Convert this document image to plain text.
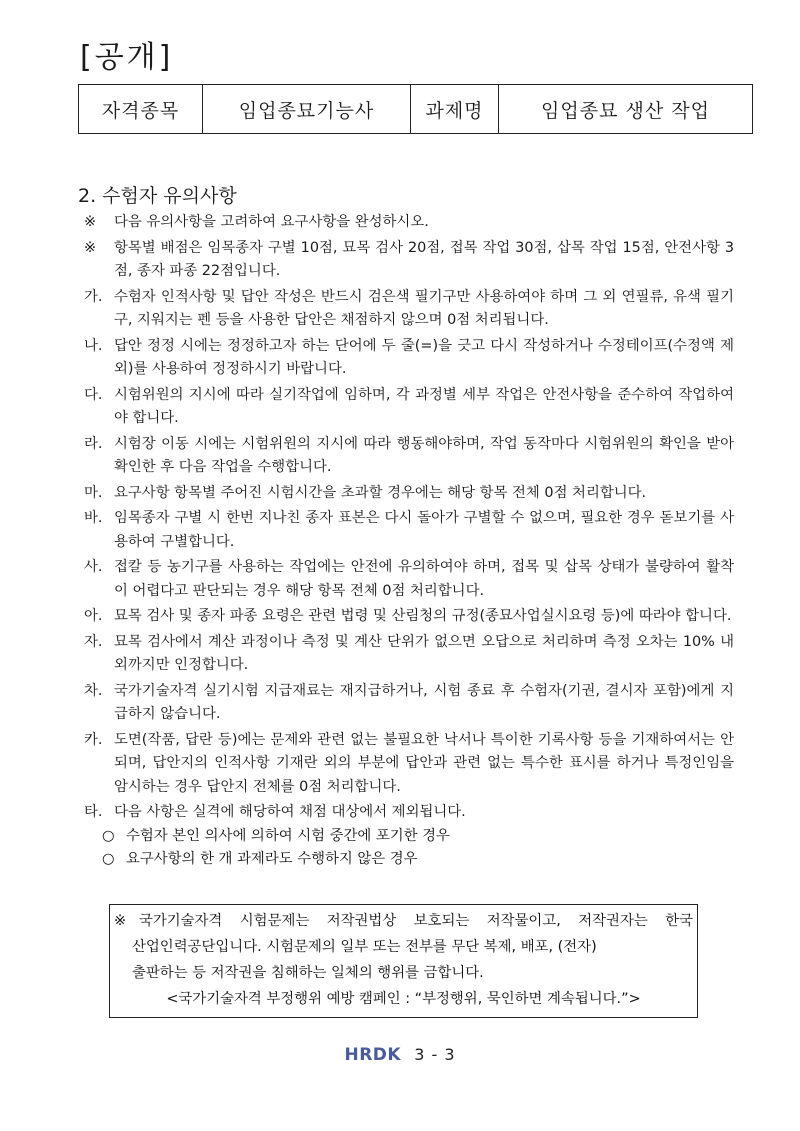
[공개]
자격종목	임업종묘기능사	과제명	임업종묘 생산 작업
2. 수험자 유의사항
※	다음 유의사항을 고려하여 요구사항을 완성하시오.
※	항목별 배점은 임목종자 구별 10점, 묘목 검사 20점, 접목 작업 30점, 삽목 작업 15점, 안전사항 3점, 종자 파종 22점입니다.
가. 수험자 인적사항 및 답안 작성은 반드시 검은색 필기구만 사용하여야 하며 그 외 연필류, 유색 필기구, 지워지는 펜 등을 사용한 답안은 채점하지 않으며 0점 처리됩니다.
나. 답안 정정 시에는 정정하고자 하는 단어에 두 줄(=)을 긋고 다시 작성하거나 수정테이프(수정액 제외)를 사용하여 정정하시기 바랍니다.
다. 시험위원의 지시에 따라 실기작업에 임하며, 각 과정별 세부 작업은 안전사항을 준수하여 작업하여야 합니다.
라. 시험장 이동 시에는 시험위원의 지시에 따라 행동해야하며, 작업 동작마다 시험위원의 확인을 받아 확인한 후 다음 작업을 수행합니다.
마. 요구사항 항목별 주어진 시험시간을 초과할 경우에는 해당 항목 전체 0점 처리합니다.
바. 임목종자 구별 시 한번 지나친 종자 표본은 다시 돌아가 구별할 수 없으며, 필요한 경우 돋보기를 사용하여 구별합니다.
사. 접칼 등 농기구를 사용하는 작업에는 안전에 유의하여야 하며, 접목 및 삽목 상태가 불량하여 활착이 어렵다고 판단되는 경우 해당 항목 전체 0점 처리합니다.
아. 묘목 검사 및 종자 파종 요령은 관련 법령 및 산림청의 규정(종묘사업실시요령 등)에 따라야 합니다.
자. 묘목 검사에서 계산 과정이나 측정 및 계산 단위가 없으면 오답으로 처리하며 측정 오차는 10% 내외까지만 인정합니다.
차. 국가기술자격 실기시험 지급재료는 재지급하거나, 시험 종료 후 수험자(기권, 결시자 포함)에게 지급하지 않습니다.
카. 도면(작품, 답란 등)에는 문제와 관련 없는 불필요한 낙서나 특이한 기록사항 등을 기재하여서는 안 되며, 답안지의 인적사항 기재란 외의 부분에 답안과 관련 없는 특수한 표시를 하거나 특정인임을 암시하는 경우 답안지 전체를 0점 처리합니다.
타. 다음 사항은 실격에 해당하여 채점 대상에서 제외됩니다.
○ 수험자 본인 의사에 의하여 시험 중간에 포기한 경우
○ 요구사항의 한 개 과제라도 수행하지 않은 경우
※국가기술자격 시험문제는 저작권법상 보호되는 저작물이고, 저작권자는 한국
산업인력공단입니다. 시험문제의 일부 또는 전부를 무단 복제, 배포, (전자)
출판하는 등 저작권을 침해하는 일체의 행위를 금합니다.
<국가기술자격 부정행위 예방 캠페인 : “부정행위, 묵인하면 계속됩니다.”>
HRDK 3 - 3
